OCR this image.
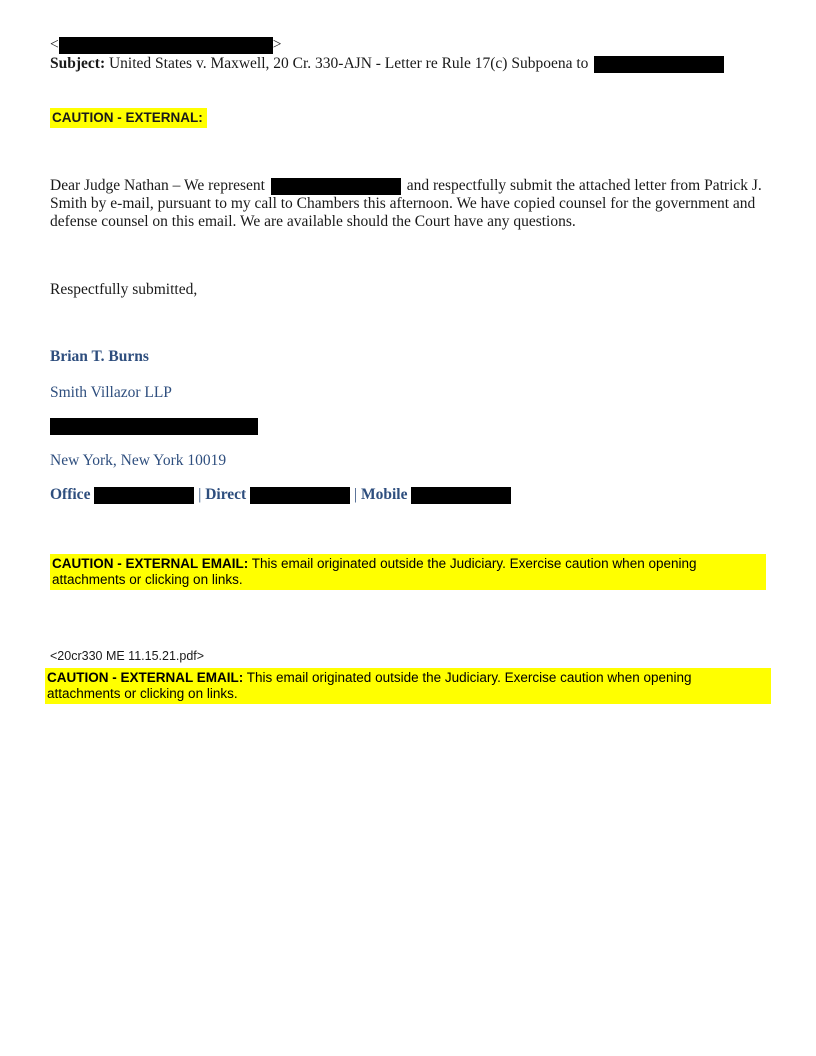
<	>
Subject: United States v. Maxwell, 20 Cr. 330-AJN - Letter re Rule 17(c) Subpoena to
CAUTION - EXTERNAL:
Dear Judge Nathan – We represent	and respectfully submit the attached letter from Patrick J. Smith by e-mail, pursuant to my call to Chambers this afternoon. We have copied counsel for the government and defense counsel on this email. We are available should the Court have any questions.
Respectfully submitted,
Brian T. Burns
Smith Villazor LLP
New York, New York 10019
Office	| Direct	| Mobile
CAUTION - EXTERNAL EMAIL: This email originated outside the Judiciary. Exercise caution when opening attachments or clicking on links.
<20cr330 ME 11.15.21.pdf>
CAUTION - EXTERNAL EMAIL: This email originated outside the Judiciary. Exercise caution when opening attachments or clicking on links.
